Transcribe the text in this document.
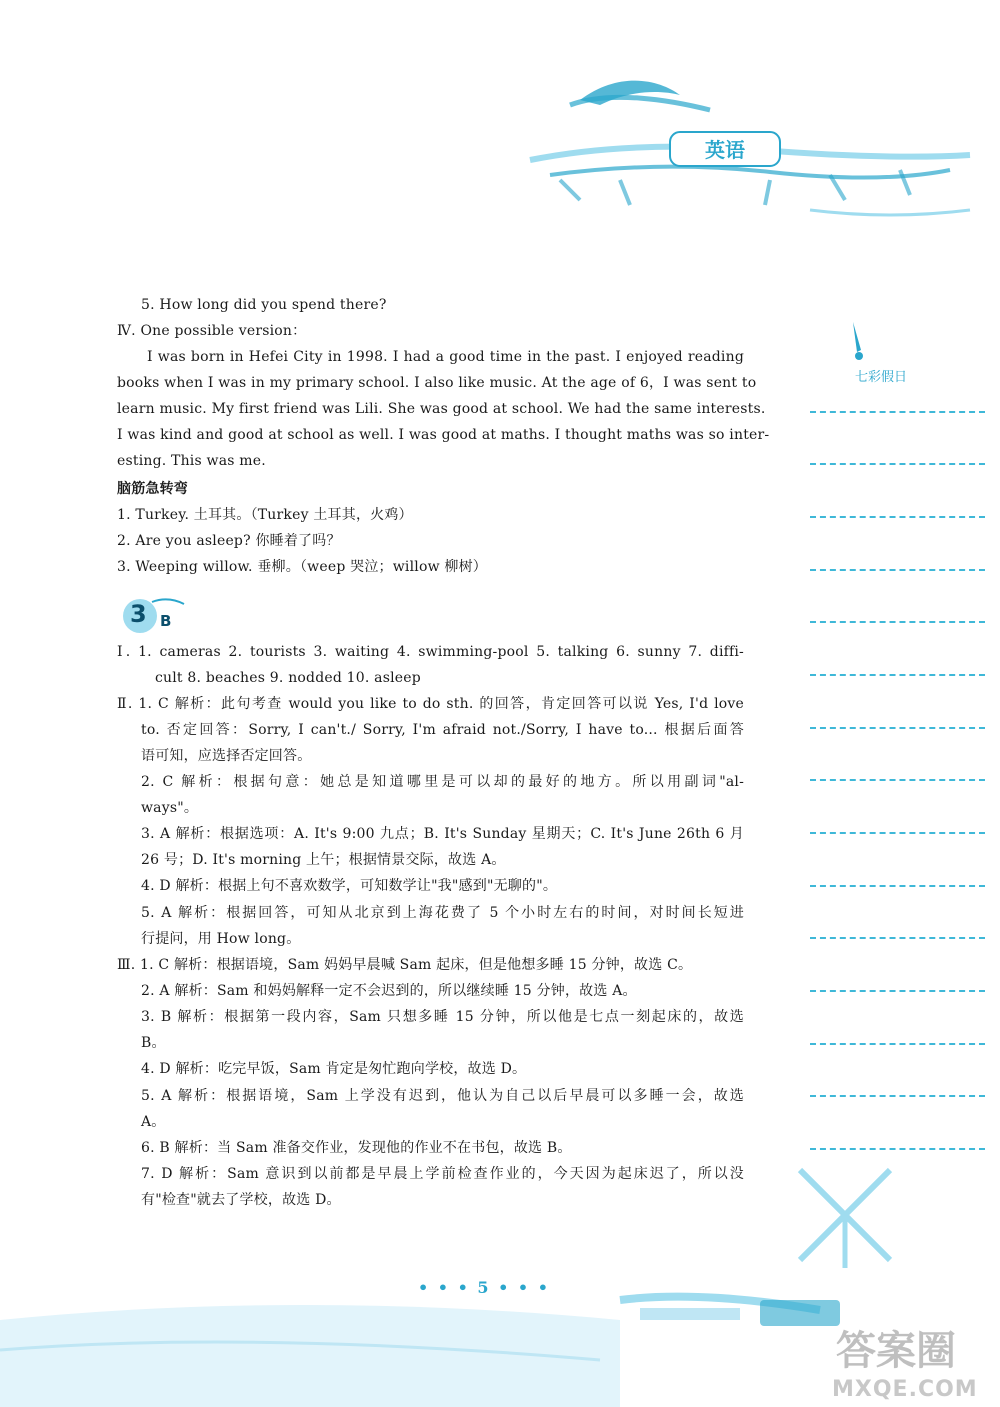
英语
七彩假日
3 B
5. How long did you spend there?
Ⅳ. One possible version：
I was born in Hefei City in 1998. I had a good time in the past. I enjoyed reading
books when I was in my primary school. I also like music. At the age of 6，I was sent to
learn music. My first friend was Lili. She was good at school. We had the same interests.
I was kind and good at school as well. I was good at maths. I thought maths was so inter-
esting. This was me.
脑筋急转弯
1. Turkey. 土耳其。（Turkey 土耳其，火鸡）
2. Are you asleep? 你睡着了吗？
3. Weeping willow. 垂柳。（weep 哭泣；willow 柳树）
Ⅰ. 1. cameras 2. tourists 3. waiting 4. swimming-pool 5. talking 6. sunny 7. diffi-
cult 8. beaches 9. nodded 10. asleep
Ⅱ. 1. C 解析：此句考查 would you like to do sth. 的回答，肯定回答可以说 Yes, I'd love
to. 否定回答：Sorry, I can't./ Sorry, I'm afraid not./Sorry, I have to... 根据后面答
语可知，应选择否定回答。
2. C 解析：根据句意：她总是知道哪里是可以却的最好的地方。所以用副词"al-
ways"。
3. A 解析：根据选项：A. It's 9:00 九点；B. It's Sunday 星期天；C. It's June 26th 6 月
26 号；D. It's morning 上午；根据情景交际，故选 A。
4. D 解析：根据上句不喜欢数学，可知数学让"我"感到"无聊的"。
5. A 解析：根据回答，可知从北京到上海花费了 5 个小时左右的时间，对时间长短进
行提问，用 How long。
Ⅲ. 1. C 解析：根据语境，Sam 妈妈早晨喊 Sam 起床，但是他想多睡 15 分钟，故选 C。
2. A 解析：Sam 和妈妈解释一定不会迟到的，所以继续睡 15 分钟，故选 A。
3. B 解析：根据第一段内容，Sam 只想多睡 15 分钟，所以他是七点一刻起床的，故选
B。
4. D 解析：吃完早饭，Sam 肯定是匆忙跑向学校，故选 D。
5. A 解析：根据语境，Sam 上学没有迟到，他认为自己以后早晨可以多睡一会，故选
A。
6. B 解析：当 Sam 准备交作业，发现他的作业不在书包，故选 B。
7. D 解析：Sam 意识到以前都是早晨上学前检查作业的，今天因为起床迟了，所以没
有"检查"就去了学校，故选 D。
• • • 5 • • •
答案圈
MXQE.COM
